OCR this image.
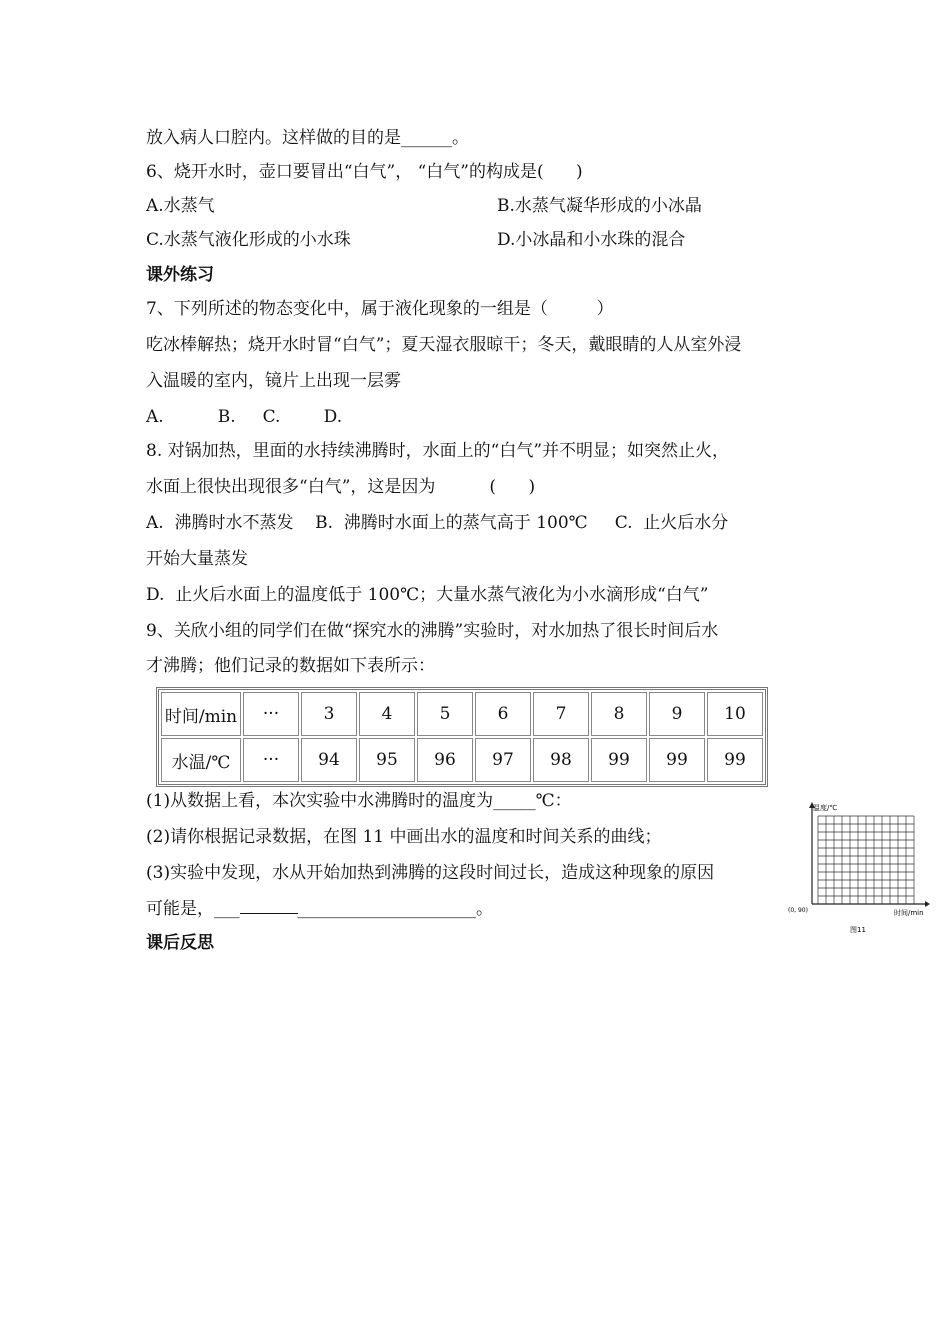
放入病人口腔内。这样做的目的是______。
6、烧开水时，壶口要冒出“白气”， “白气”的构成是(      )
A.水蒸气	B.水蒸气凝华形成的小冰晶
C.水蒸气液化形成的小水珠	D.小冰晶和小水珠的混合
课外练习
7、下列所述的物态变化中，属于液化现象的一组是（         ）
吃冰棒解热；烧开水时冒“白气”；夏天湿衣服晾干；冬天，戴眼睛的人从室外浸
入温暖的室内，镜片上出现一层雾
A.          B.     C.        D.
8. 对锅加热，里面的水持续沸腾时，水面上的“白气”并不明显；如突然止火，
水面上很快出现很多“白气”，这是因为          (      )
A.  沸腾时水不蒸发    B.  沸腾时水面上的蒸气高于 100℃     C.  止火后水分
开始大量蒸发
D.  止火后水面上的温度低于 100℃；大量水蒸气液化为小水滴形成“白气”
9、关欣小组的同学们在做“探究水的沸腾”实验时，对水加热了很长时间后水
才沸腾；他们记录的数据如下表所示：
时间/min	···	3	4	5	6	7	8	9	10
水温/℃	···	94	95	96	97	98	99	99	99
(1)从数据上看，本次实验中水沸腾时的温度为_____℃：
(2)请你根据记录数据，在图 11 中画出水的温度和时间关系的曲线；
(3)实验中发现，水从开始加热到沸腾的这段时间过长，造成这种现象的原因
可能是，___	_____________________。
课后反思
温度/℃
时间/min
(0, 90)
图11
